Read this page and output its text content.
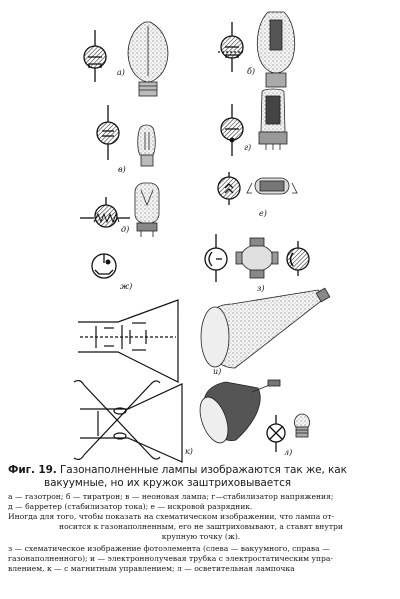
а)	б)
в)
г)
д)
е)
ж)	з)
и)
к)	л)

Фиг. 19. Газонаполненные лампы изображаются так же, как
вакуумные, но их кружок заштриховывается

а — газотрон; б — тиратрон; в — неоновая лампа; г—стабилизатор напряжения;

д — барретер (стабилизатор тока); е — искровой разрядник.

Иногда для того, чтобы показать на схематическом изображении, что лампа от-

носится к газонаполненным, его не заштриховывают, а ставят внутри

крупную точку (ж).

з — схематическое изображение фотоэлемента (слева — вакуумного, справа —

газонаполненного); и — электроннолучевая трубка с электростатическим упра-

влением, к — с магнитным управлением; л — осветительная лампочка
